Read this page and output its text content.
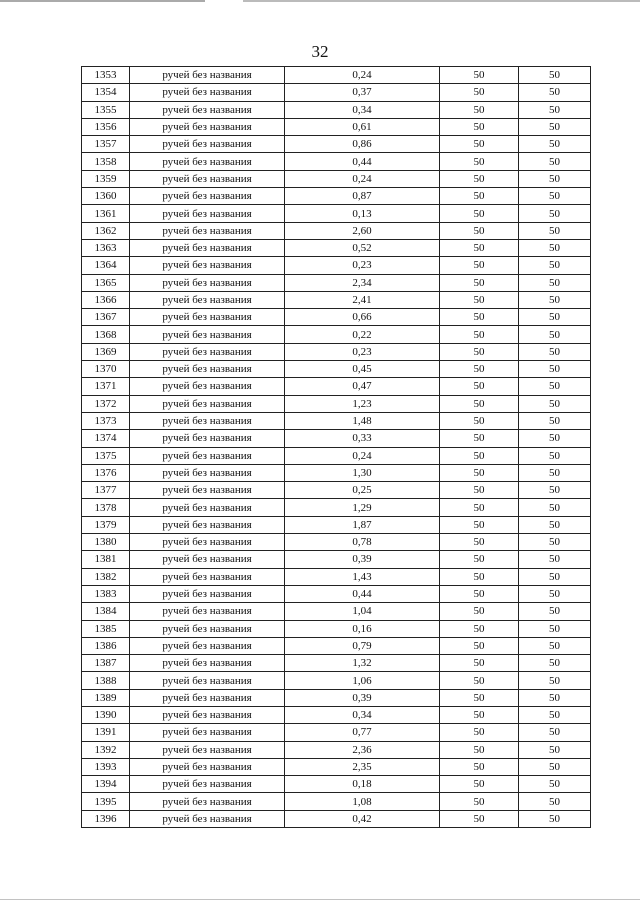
32
1353	ручей без названия	0,24	50	50
1354	ручей без названия	0,37	50	50
1355	ручей без названия	0,34	50	50
1356	ручей без названия	0,61	50	50
1357	ручей без названия	0,86	50	50
1358	ручей без названия	0,44	50	50
1359	ручей без названия	0,24	50	50
1360	ручей без названия	0,87	50	50
1361	ручей без названия	0,13	50	50
1362	ручей без названия	2,60	50	50
1363	ручей без названия	0,52	50	50
1364	ручей без названия	0,23	50	50
1365	ручей без названия	2,34	50	50
1366	ручей без названия	2,41	50	50
1367	ручей без названия	0,66	50	50
1368	ручей без названия	0,22	50	50
1369	ручей без названия	0,23	50	50
1370	ручей без названия	0,45	50	50
1371	ручей без названия	0,47	50	50
1372	ручей без названия	1,23	50	50
1373	ручей без названия	1,48	50	50
1374	ручей без названия	0,33	50	50
1375	ручей без названия	0,24	50	50
1376	ручей без названия	1,30	50	50
1377	ручей без названия	0,25	50	50
1378	ручей без названия	1,29	50	50
1379	ручей без названия	1,87	50	50
1380	ручей без названия	0,78	50	50
1381	ручей без названия	0,39	50	50
1382	ручей без названия	1,43	50	50
1383	ручей без названия	0,44	50	50
1384	ручей без названия	1,04	50	50
1385	ручей без названия	0,16	50	50
1386	ручей без названия	0,79	50	50
1387	ручей без названия	1,32	50	50
1388	ручей без названия	1,06	50	50
1389	ручей без названия	0,39	50	50
1390	ручей без названия	0,34	50	50
1391	ручей без названия	0,77	50	50
1392	ручей без названия	2,36	50	50
1393	ручей без названия	2,35	50	50
1394	ручей без названия	0,18	50	50
1395	ручей без названия	1,08	50	50
1396	ручей без названия	0,42	50	50
